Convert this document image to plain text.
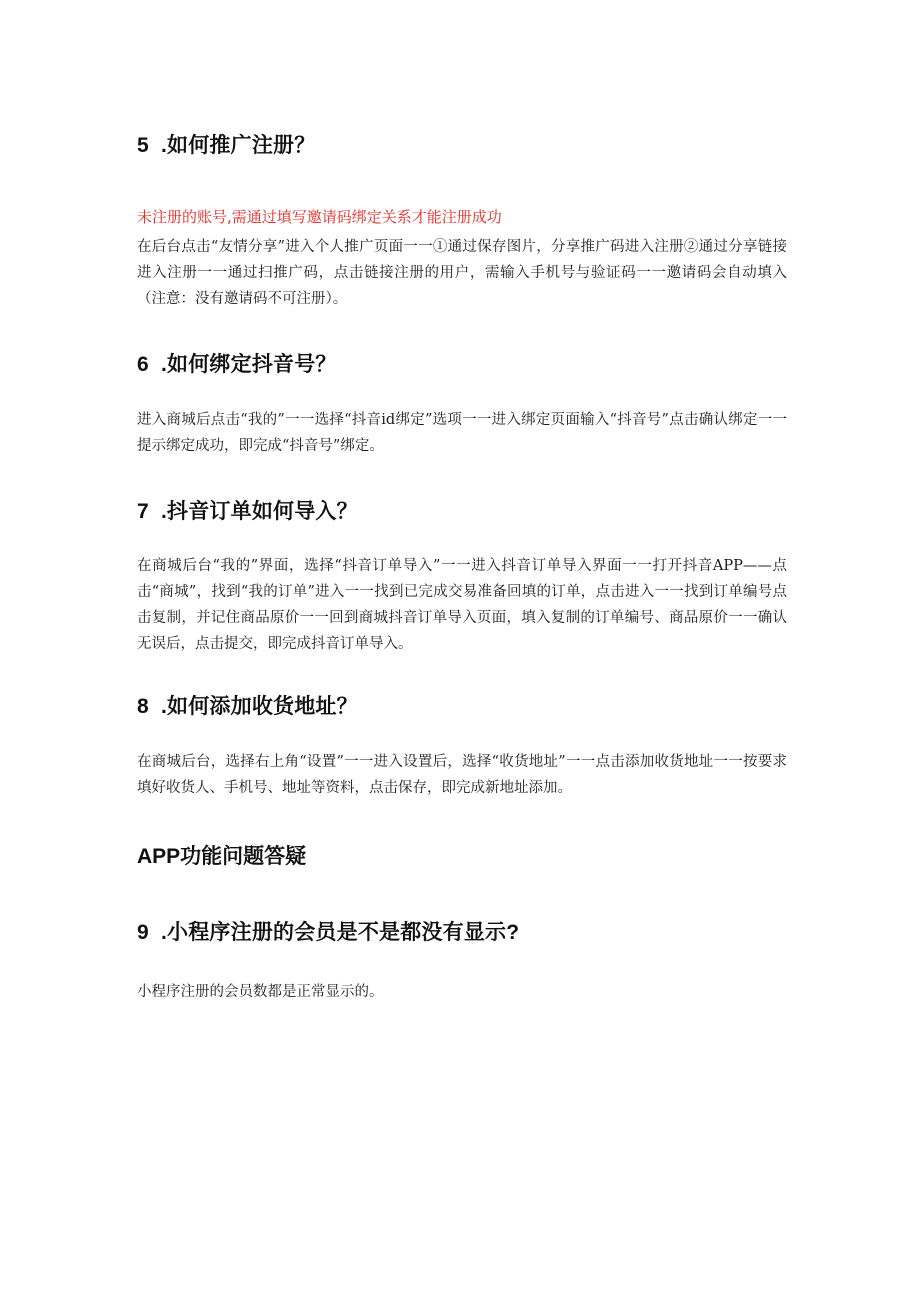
5 .如何推广注册？
未注册的账号,需通过填写邀请码绑定关系才能注册成功
在后台点击“友情分享”进入个人推广页面一一①通过保存图片，分享推广码进入注册②通过分享链接进入注册一一通过扫推广码，点击链接注册的用户，需输入手机号与验证码一一邀请码会自动填入（注意：没有邀请码不可注册）。
6 .如何绑定抖音号？
进入商城后点击“我的”一一选择“抖音id绑定”选项一一进入绑定页面输入“抖音号”点击确认绑定一一提示绑定成功，即完成“抖音号”绑定。
7 .抖音订单如何导入？
在商城后台“我的”界面，选择“抖音订单导入”一一进入抖音订单导入界面一一打开抖音APP——点击“商城”，找到“我的订单”进入一一找到已完成交易准备回填的订单，点击进入一一找到订单编号点击复制，并记住商品原价一一回到商城抖音订单导入页面，填入复制的订单编号、商品原价一一确认无误后，点击提交，即完成抖音订单导入。
8 .如何添加收货地址？
在商城后台，选择右上角“设置”一一进入设置后，选择“收货地址”一一点击添加收货地址一一按要求填好收货人、手机号、地址等资料，点击保存，即完成新地址添加。
APP功能问题答疑
9 .小程序注册的会员是不是都没有显示?
小程序注册的会员数都是正常显示的。
